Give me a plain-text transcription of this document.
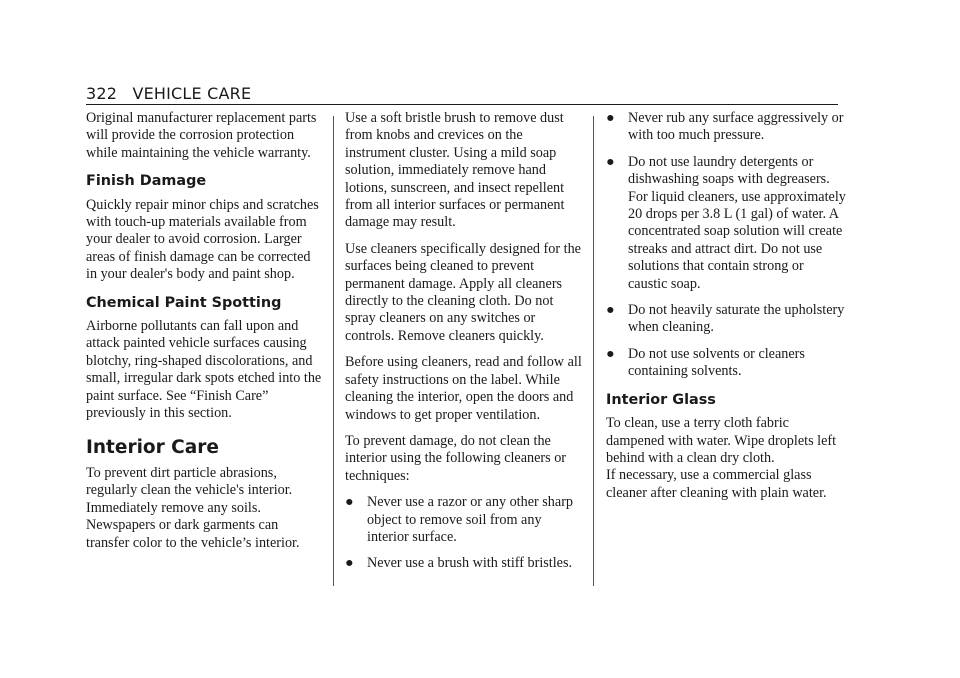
322 VEHICLE CARE

Original manufacturer replacement parts will provide the corrosion protection while maintaining the vehicle warranty.

Finish Damage

Quickly repair minor chips and scratches with touch-up materials available from your dealer to avoid corrosion. Larger areas of finish damage can be corrected in your dealer's body and paint shop.

Chemical Paint Spotting

Airborne pollutants can fall upon and attack painted vehicle surfaces causing blotchy, ring-shaped discolorations, and small, irregular dark spots etched into the paint surface. See “Finish Care” previously in this section.

Interior Care

To prevent dirt particle abrasions, regularly clean the vehicle's interior. Immediately remove any soils. Newspapers or dark garments can transfer color to the vehicle’s interior.

Use a soft bristle brush to remove dust from knobs and crevices on the instrument cluster. Using a mild soap solution, immediately remove hand lotions, sunscreen, and insect repellent from all interior surfaces or permanent damage may result.

Use cleaners specifically designed for the surfaces being cleaned to prevent permanent damage. Apply all cleaners directly to the cleaning cloth. Do not spray cleaners on any switches or controls. Remove cleaners quickly.

Before using cleaners, read and follow all safety instructions on the label. While cleaning the interior, open the doors and windows to get proper ventilation.

To prevent damage, do not clean the interior using the following cleaners or techniques:

● Never use a razor or any other sharp object to remove soil from any interior surface.
● Never use a brush with stiff bristles.
● Never rub any surface aggressively or with too much pressure.
● Do not use laundry detergents or dishwashing soaps with degreasers. For liquid cleaners, use approximately 20 drops per 3.8 L (1 gal) of water. A concentrated soap solution will create streaks and attract dirt. Do not use solutions that contain strong or caustic soap.
● Do not heavily saturate the upholstery when cleaning.
● Do not use solvents or cleaners containing solvents.
Interior Glass

To clean, use a terry cloth fabric dampened with water. Wipe droplets left behind with a clean dry cloth.

If necessary, use a commercial glass cleaner after cleaning with plain water.
